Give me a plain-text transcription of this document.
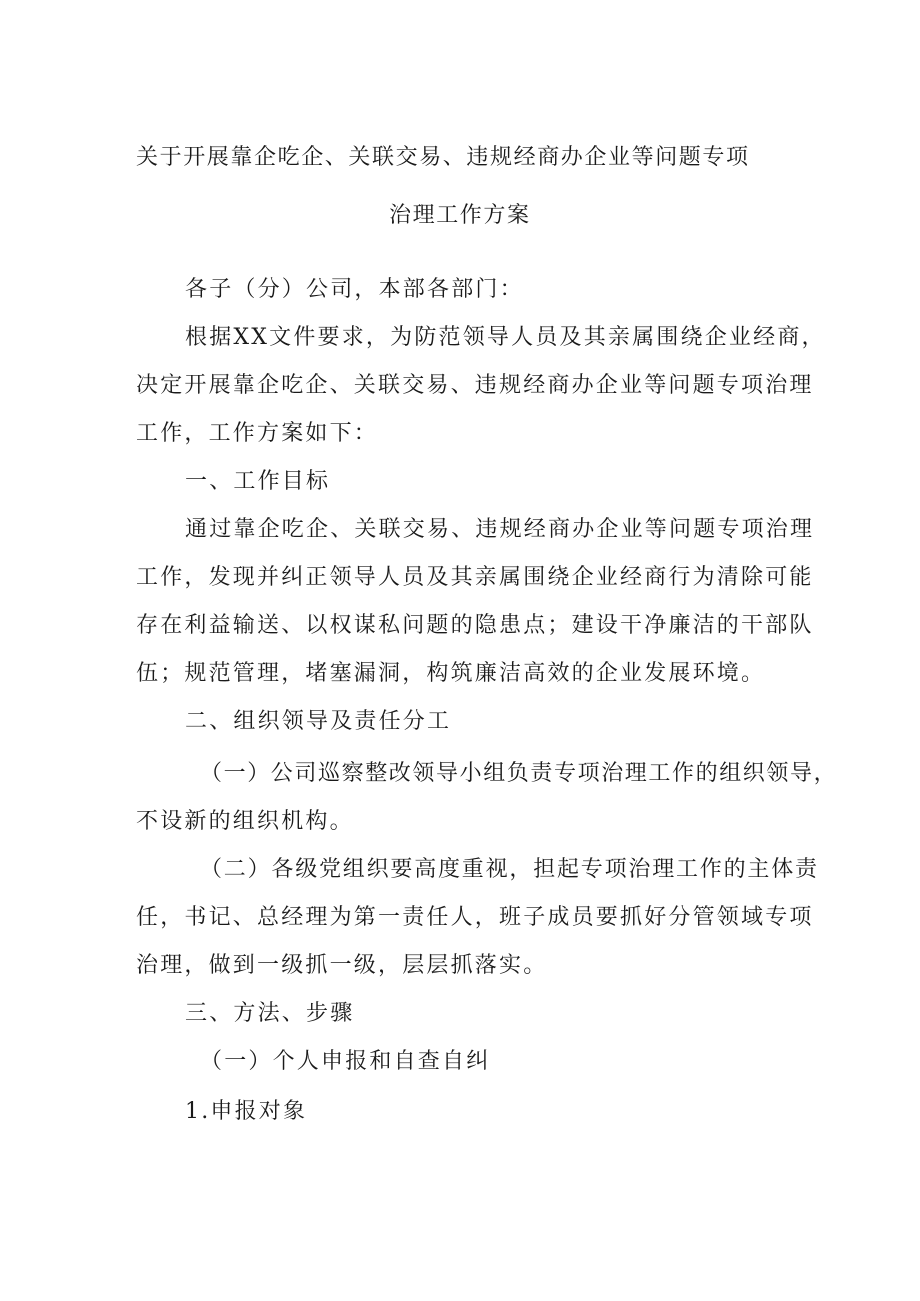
关于开展靠企吃企、关联交易、违规经商办企业等问题专项
治理工作方案
各子（分）公司，本部各部门：
根据XX文件要求，为防范领导人员及其亲属围绕企业经商，
决定开展靠企吃企、关联交易、违规经商办企业等问题专项治理
工作，工作方案如下：
一、工作目标
通过靠企吃企、关联交易、违规经商办企业等问题专项治理
工作，发现并纠正领导人员及其亲属围绕企业经商行为清除可能
存在利益输送、以权谋私问题的隐患点；建设干净廉洁的干部队
伍；规范管理，堵塞漏洞，构筑廉洁高效的企业发展环境。
二、组织领导及责任分工
（一）公司巡察整改领导小组负责专项治理工作的组织领导，
不设新的组织机构。
（二）各级党组织要高度重视，担起专项治理工作的主体责
任，书记、总经理为第一责任人，班子成员要抓好分管领域专项
治理，做到一级抓一级，层层抓落实。
三、方法、步骤
（一）个人申报和自查自纠
1.申报对象
